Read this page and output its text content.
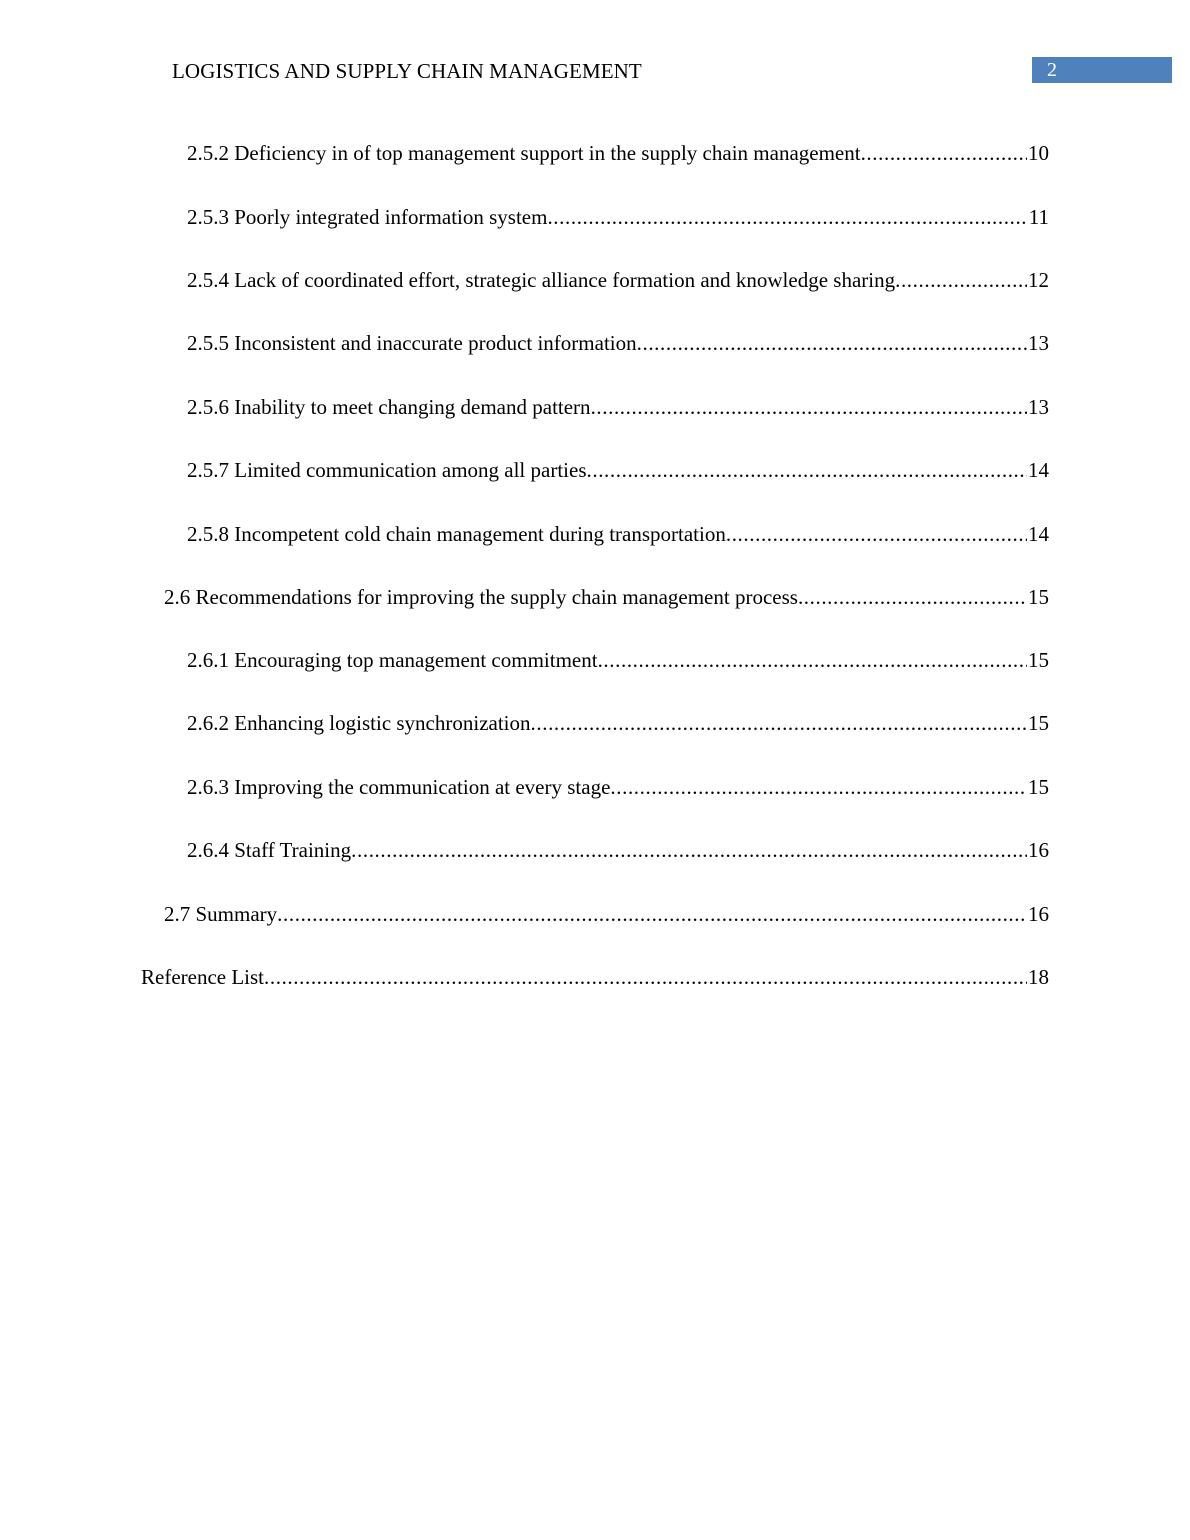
LOGISTICS AND SUPPLY CHAIN MANAGEMENT	2
2.5.2 Deficiency in of top management support in the supply chain management .....	10
2.5.3 Poorly integrated information system .....	11
2.5.4 Lack of coordinated effort, strategic alliance formation and knowledge sharing .....	12
2.5.5 Inconsistent and inaccurate product information .....	13
2.5.6 Inability to meet changing demand pattern .....	13
2.5.7 Limited communication among all parties .....	14
2.5.8 Incompetent cold chain management during transportation .....	14
2.6 Recommendations for improving the supply chain management process .....	15
2.6.1 Encouraging top management commitment .....	15
2.6.2 Enhancing logistic synchronization .....	15
2.6.3 Improving the communication at every stage .....	15
2.6.4 Staff Training .....	16
2.7 Summary .....	16
Reference List .....	18
